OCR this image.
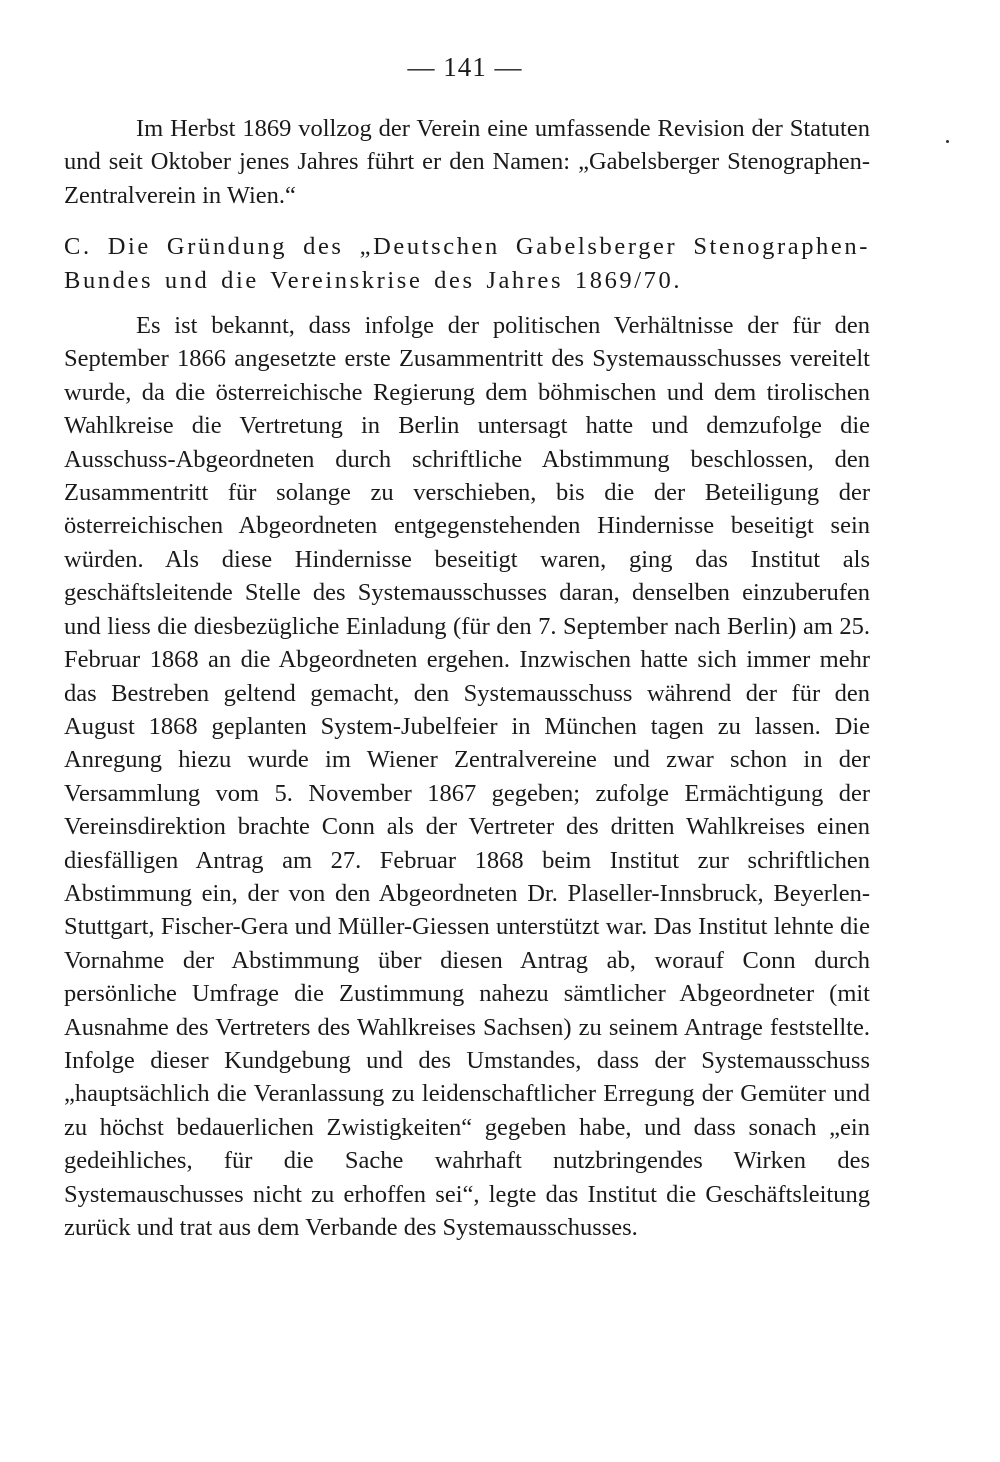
— 141 —

Im Herbst 1869 vollzog der Verein eine umfassende Revision der Statuten und seit Oktober jenes Jahres führt er den Namen: „Gabelsberger Stenographen-Zentralverein in Wien.“

C. Die Gründung des „Deutschen Gabelsberger Stenographen-Bundes und die Vereinskrise des Jahres 1869/70.

Es ist bekannt, dass infolge der politischen Verhältnisse der für den September 1866 angesetzte erste Zusammentritt des Systemausschusses vereitelt wurde, da die österreichische Regierung dem böhmischen und dem tirolischen Wahlkreise die Vertretung in Berlin untersagt hatte und demzufolge die Ausschuss-Abgeordneten durch schriftliche Abstimmung beschlossen, den Zusammentritt für solange zu verschieben, bis die der Beteiligung der österreichischen Abgeordneten entgegenstehenden Hindernisse beseitigt sein würden. Als diese Hindernisse beseitigt waren, ging das Institut als geschäftsleitende Stelle des Systemausschusses daran, denselben einzuberufen und liess die diesbezügliche Einladung (für den 7. September nach Berlin) am 25. Februar 1868 an die Abgeordneten ergehen. Inzwischen hatte sich immer mehr das Bestreben geltend gemacht, den Systemausschuss während der für den August 1868 geplanten System-Jubelfeier in München tagen zu lassen. Die Anregung hiezu wurde im Wiener Zentralvereine und zwar schon in der Versammlung vom 5. November 1867 gegeben; zufolge Ermächtigung der Vereinsdirektion brachte Conn als der Vertreter des dritten Wahlkreises einen diesfälligen Antrag am 27. Februar 1868 beim Institut zur schriftlichen Abstimmung ein, der von den Abgeordneten Dr. Plaseller-Innsbruck, Beyerlen-Stuttgart, Fischer-Gera und Müller-Giessen unterstützt war. Das Institut lehnte die Vornahme der Abstimmung über diesen Antrag ab, worauf Conn durch persönliche Umfrage die Zustimmung nahezu sämtlicher Abgeordneter (mit Ausnahme des Vertreters des Wahlkreises Sachsen) zu seinem Antrage feststellte. Infolge dieser Kundgebung und des Umstandes, dass der Systemausschuss „hauptsächlich die Veranlassung zu leidenschaftlicher Erregung der Gemüter und zu höchst bedauerlichen Zwistigkeiten“ gegeben habe, und dass sonach „ein gedeihliches, für die Sache wahrhaft nutzbringendes Wirken des Systemauschusses nicht zu erhoffen sei“, legte das Institut die Geschäftsleitung zurück und trat aus dem Verbande des Systemausschusses.
